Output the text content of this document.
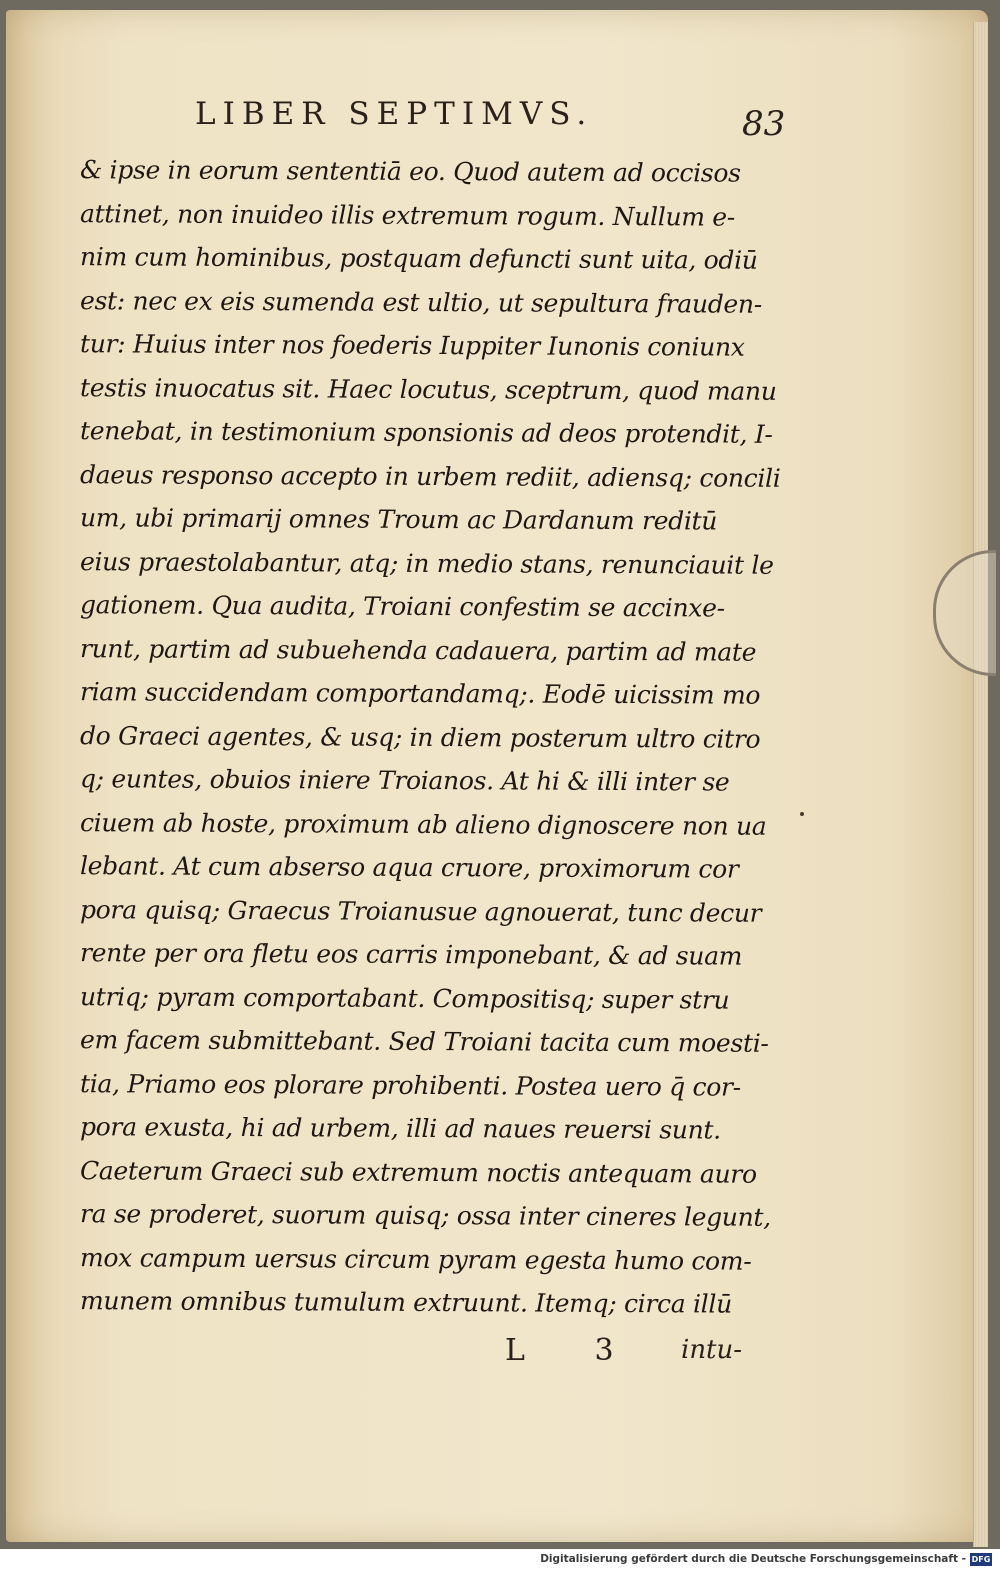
LIBER SEPTIMVS.	83
& ipse in eorum sententiā eo. Quod autem ad occisos
attinet, non inuideo illis extremum rogum. Nullum e-
nim cum hominibus, postquam defuncti sunt uita, odiū
est: nec ex eis sumenda est ultio, ut sepultura frauden-
tur: Huius inter nos foederis Iuppiter Iunonis coniunx
testis inuocatus sit. Haec locutus, sceptrum, quod manu
tenebat, in testimonium sponsionis ad deos protendit, I-
daeus responso accepto in urbem rediit, adiensq; concili
um, ubi primarij omnes Troum ac Dardanum reditū
eius praestolabantur, atq; in medio stans, renunciauit le
gationem. Qua audita, Troiani confestim se accinxe-
runt, partim ad subuehenda cadauera, partim ad mate
riam succidendam comportandamq;. Eodē uicissim mo
do Graeci agentes, & usq; in diem posterum ultro citro
q; euntes, obuios iniere Troianos. At hi & illi inter se
ciuem ab hoste, proximum ab alieno dignoscere non ua
lebant. At cum abserso aqua cruore, proximorum cor
pora quisq; Graecus Troianusue agnouerat, tunc decur
rente per ora fletu eos carris imponebant, & ad suam
utriq; pyram comportabant. Compositisq; super stru
em facem submittebant. Sed Troiani tacita cum moesti-
tia, Priamo eos plorare prohibenti. Postea uero q̄ cor-
pora exusta, hi ad urbem, illi ad naues reuersi sunt.
Caeterum Graeci sub extremum noctis antequam auro
ra se proderet, suorum quisq; ossa inter cineres legunt,
mox campum uersus circum pyram egesta humo com-
munem omnibus tumulum extruunt. Itemq; circa illū
L 3 intu-
Digitalisierung gefördert durch die Deutsche Forschungsgemeinschaft - DFG
